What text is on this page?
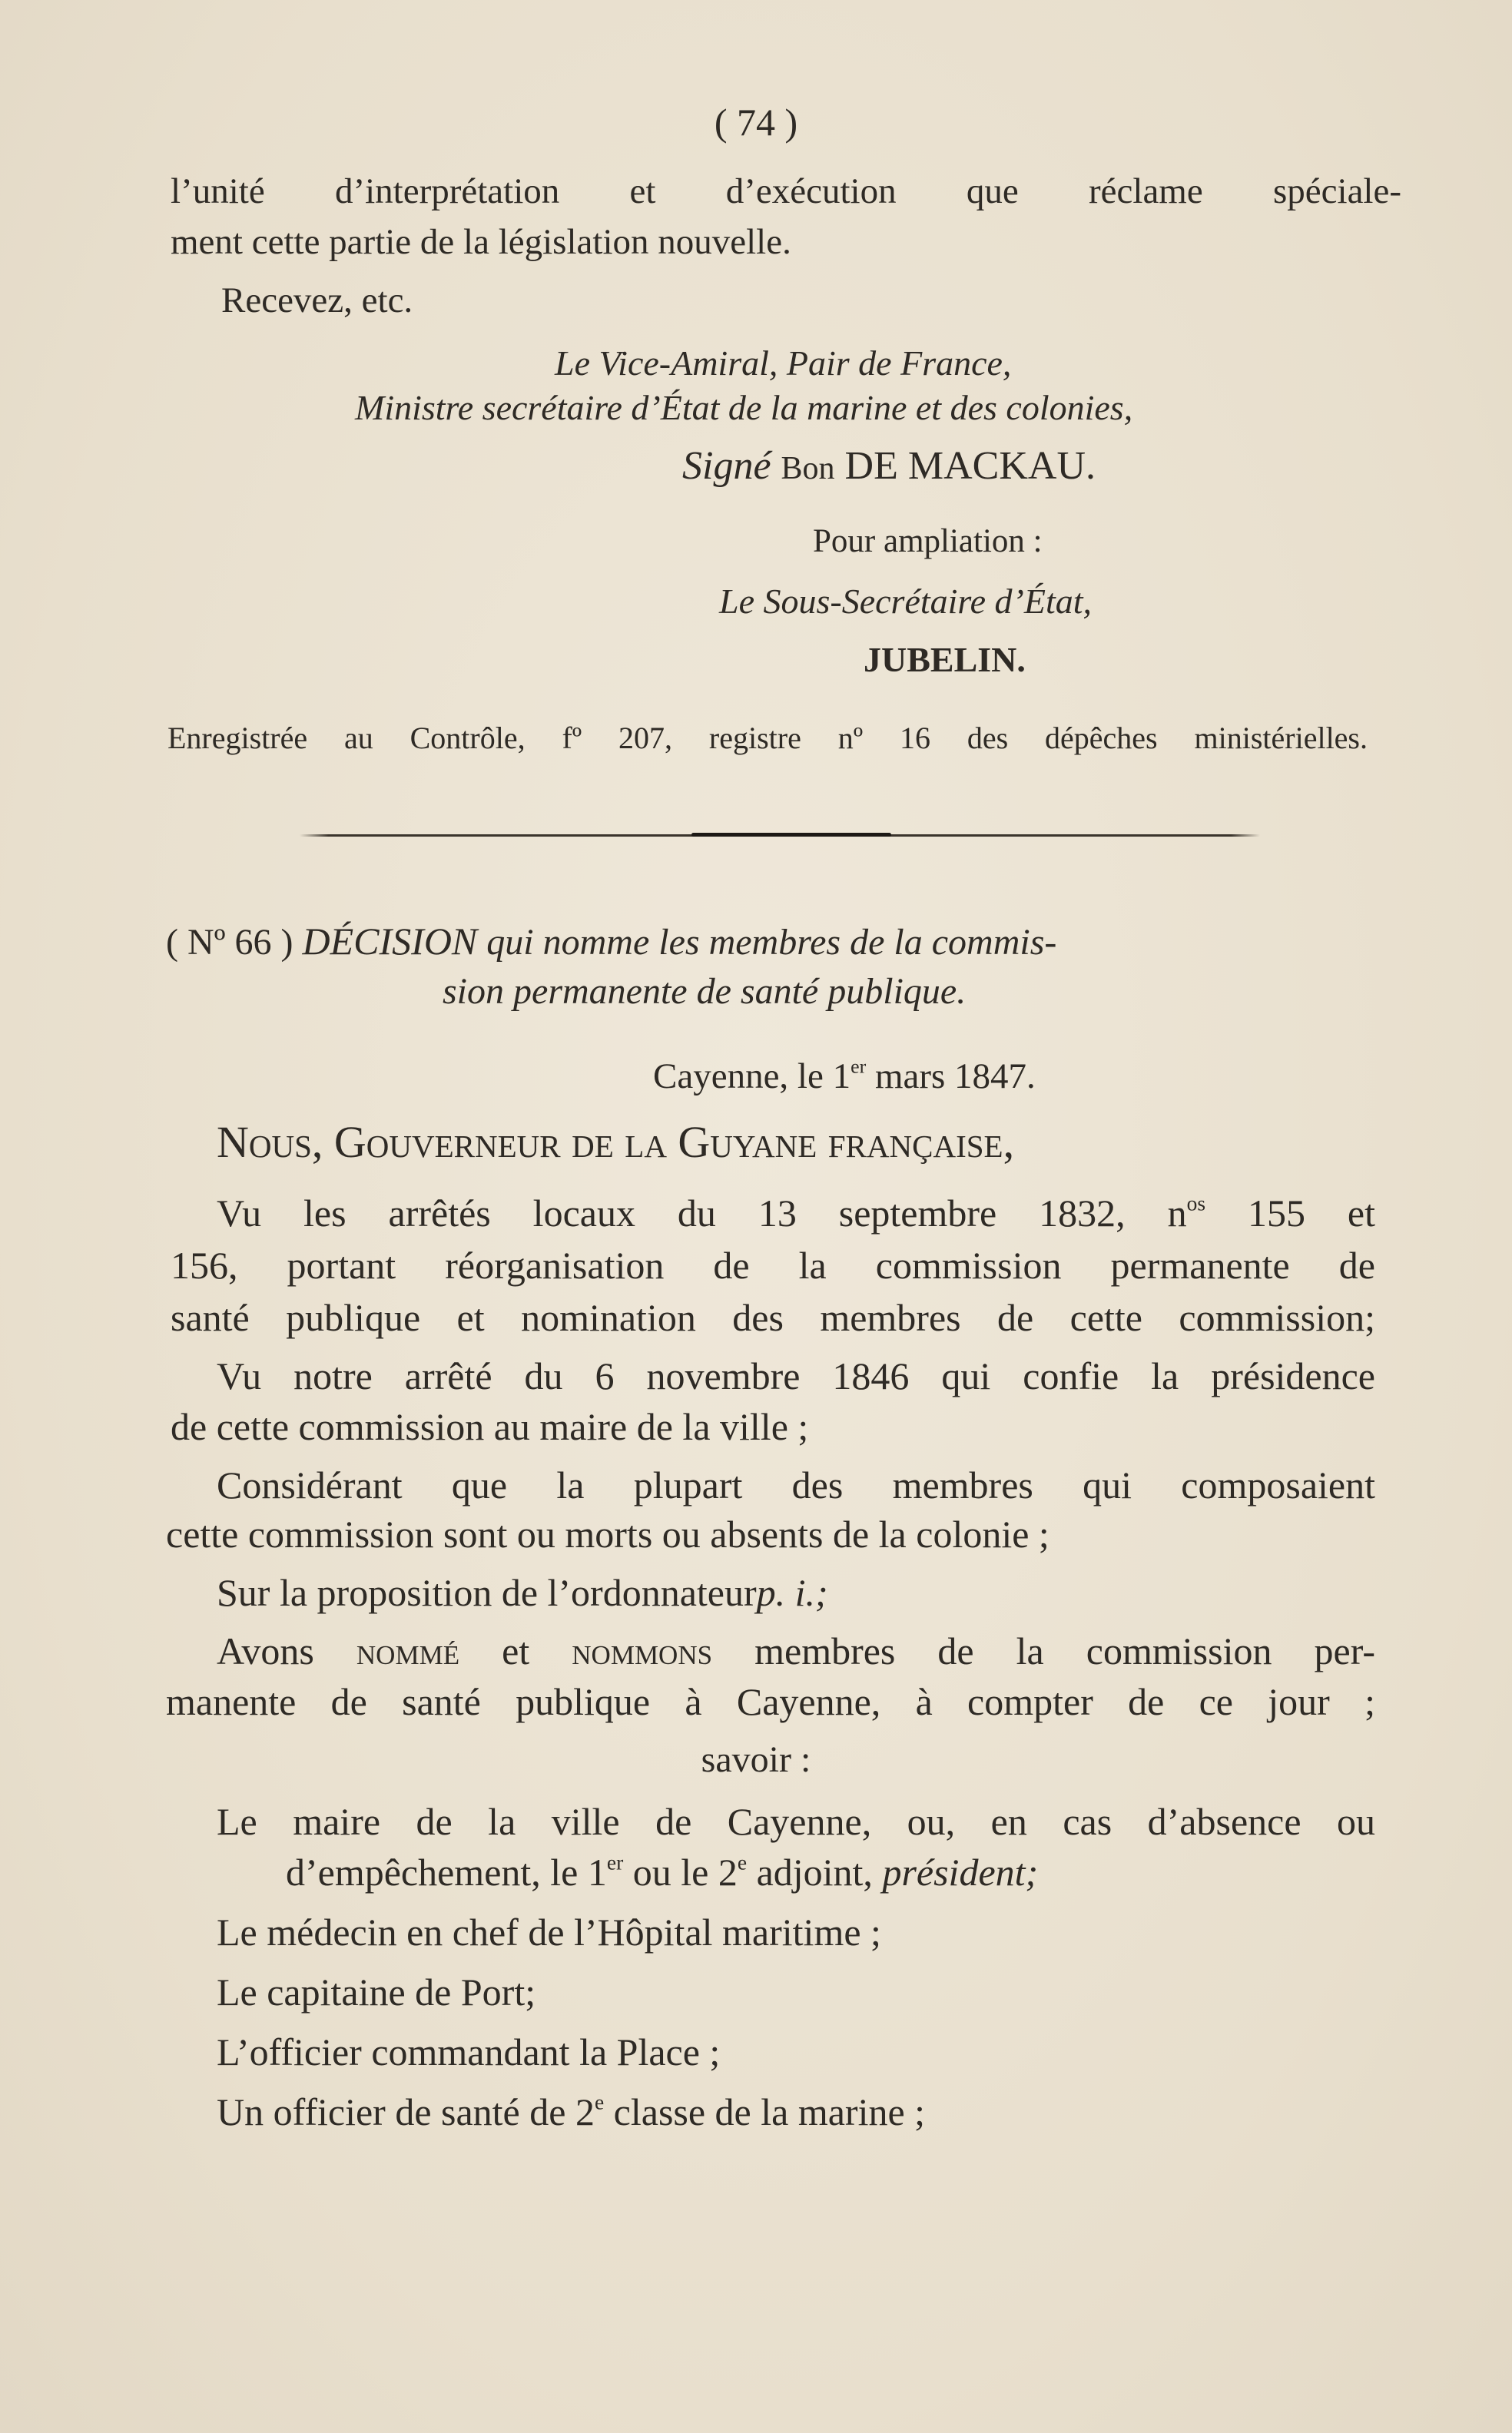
( 74 )
l’unité d’interprétation et d’exécution que réclame spéciale-
ment cette partie de la législation nouvelle.
Recevez, etc.
Le Vice-Amiral, Pair de France,
Ministre secrétaire d’État de la marine et des colonies,
Signé Bon DE MACKAU.
Pour ampliation :
Le Sous-Secrétaire d’État,
JUBELIN.
Enregistrée au Contrôle, fº 207, registre nº 16 des dépêches ministérielles.
( Nº 66 ) DÉCISION qui nomme les membres de la commis-
sion permanente de santé publique.
Cayenne, le 1er mars 1847.
Nous, Gouverneur de la Guyane française,
Vu les arrêtés locaux du 13 septembre 1832, $n^{os}$ 155 et
156, portant réorganisation de la commission permanente de
santé publique et nomination des membres de cette commission;
Vu notre arrêté du 6 novembre 1846 qui confie la présidence
de cette commission au maire de la ville ;
Considérant que la plupart des membres qui composaient
cette commission sont ou morts ou absents de la colonie ;
Sur la proposition de l’ordonnateurp. i.;
Avons nommé et nommons membres de la commission per-
manente de santé publique à Cayenne, à compter de ce jour ;
savoir :
Le maire de la ville de Cayenne, ou, en cas d’absence ou
d’empêchement, le 1er ou le 2e adjoint, président;
Le médecin en chef de l’Hôpital maritime ;
Le capitaine de Port;
L’officier commandant la Place ;
Un officier de santé de 2e classe de la marine ;
